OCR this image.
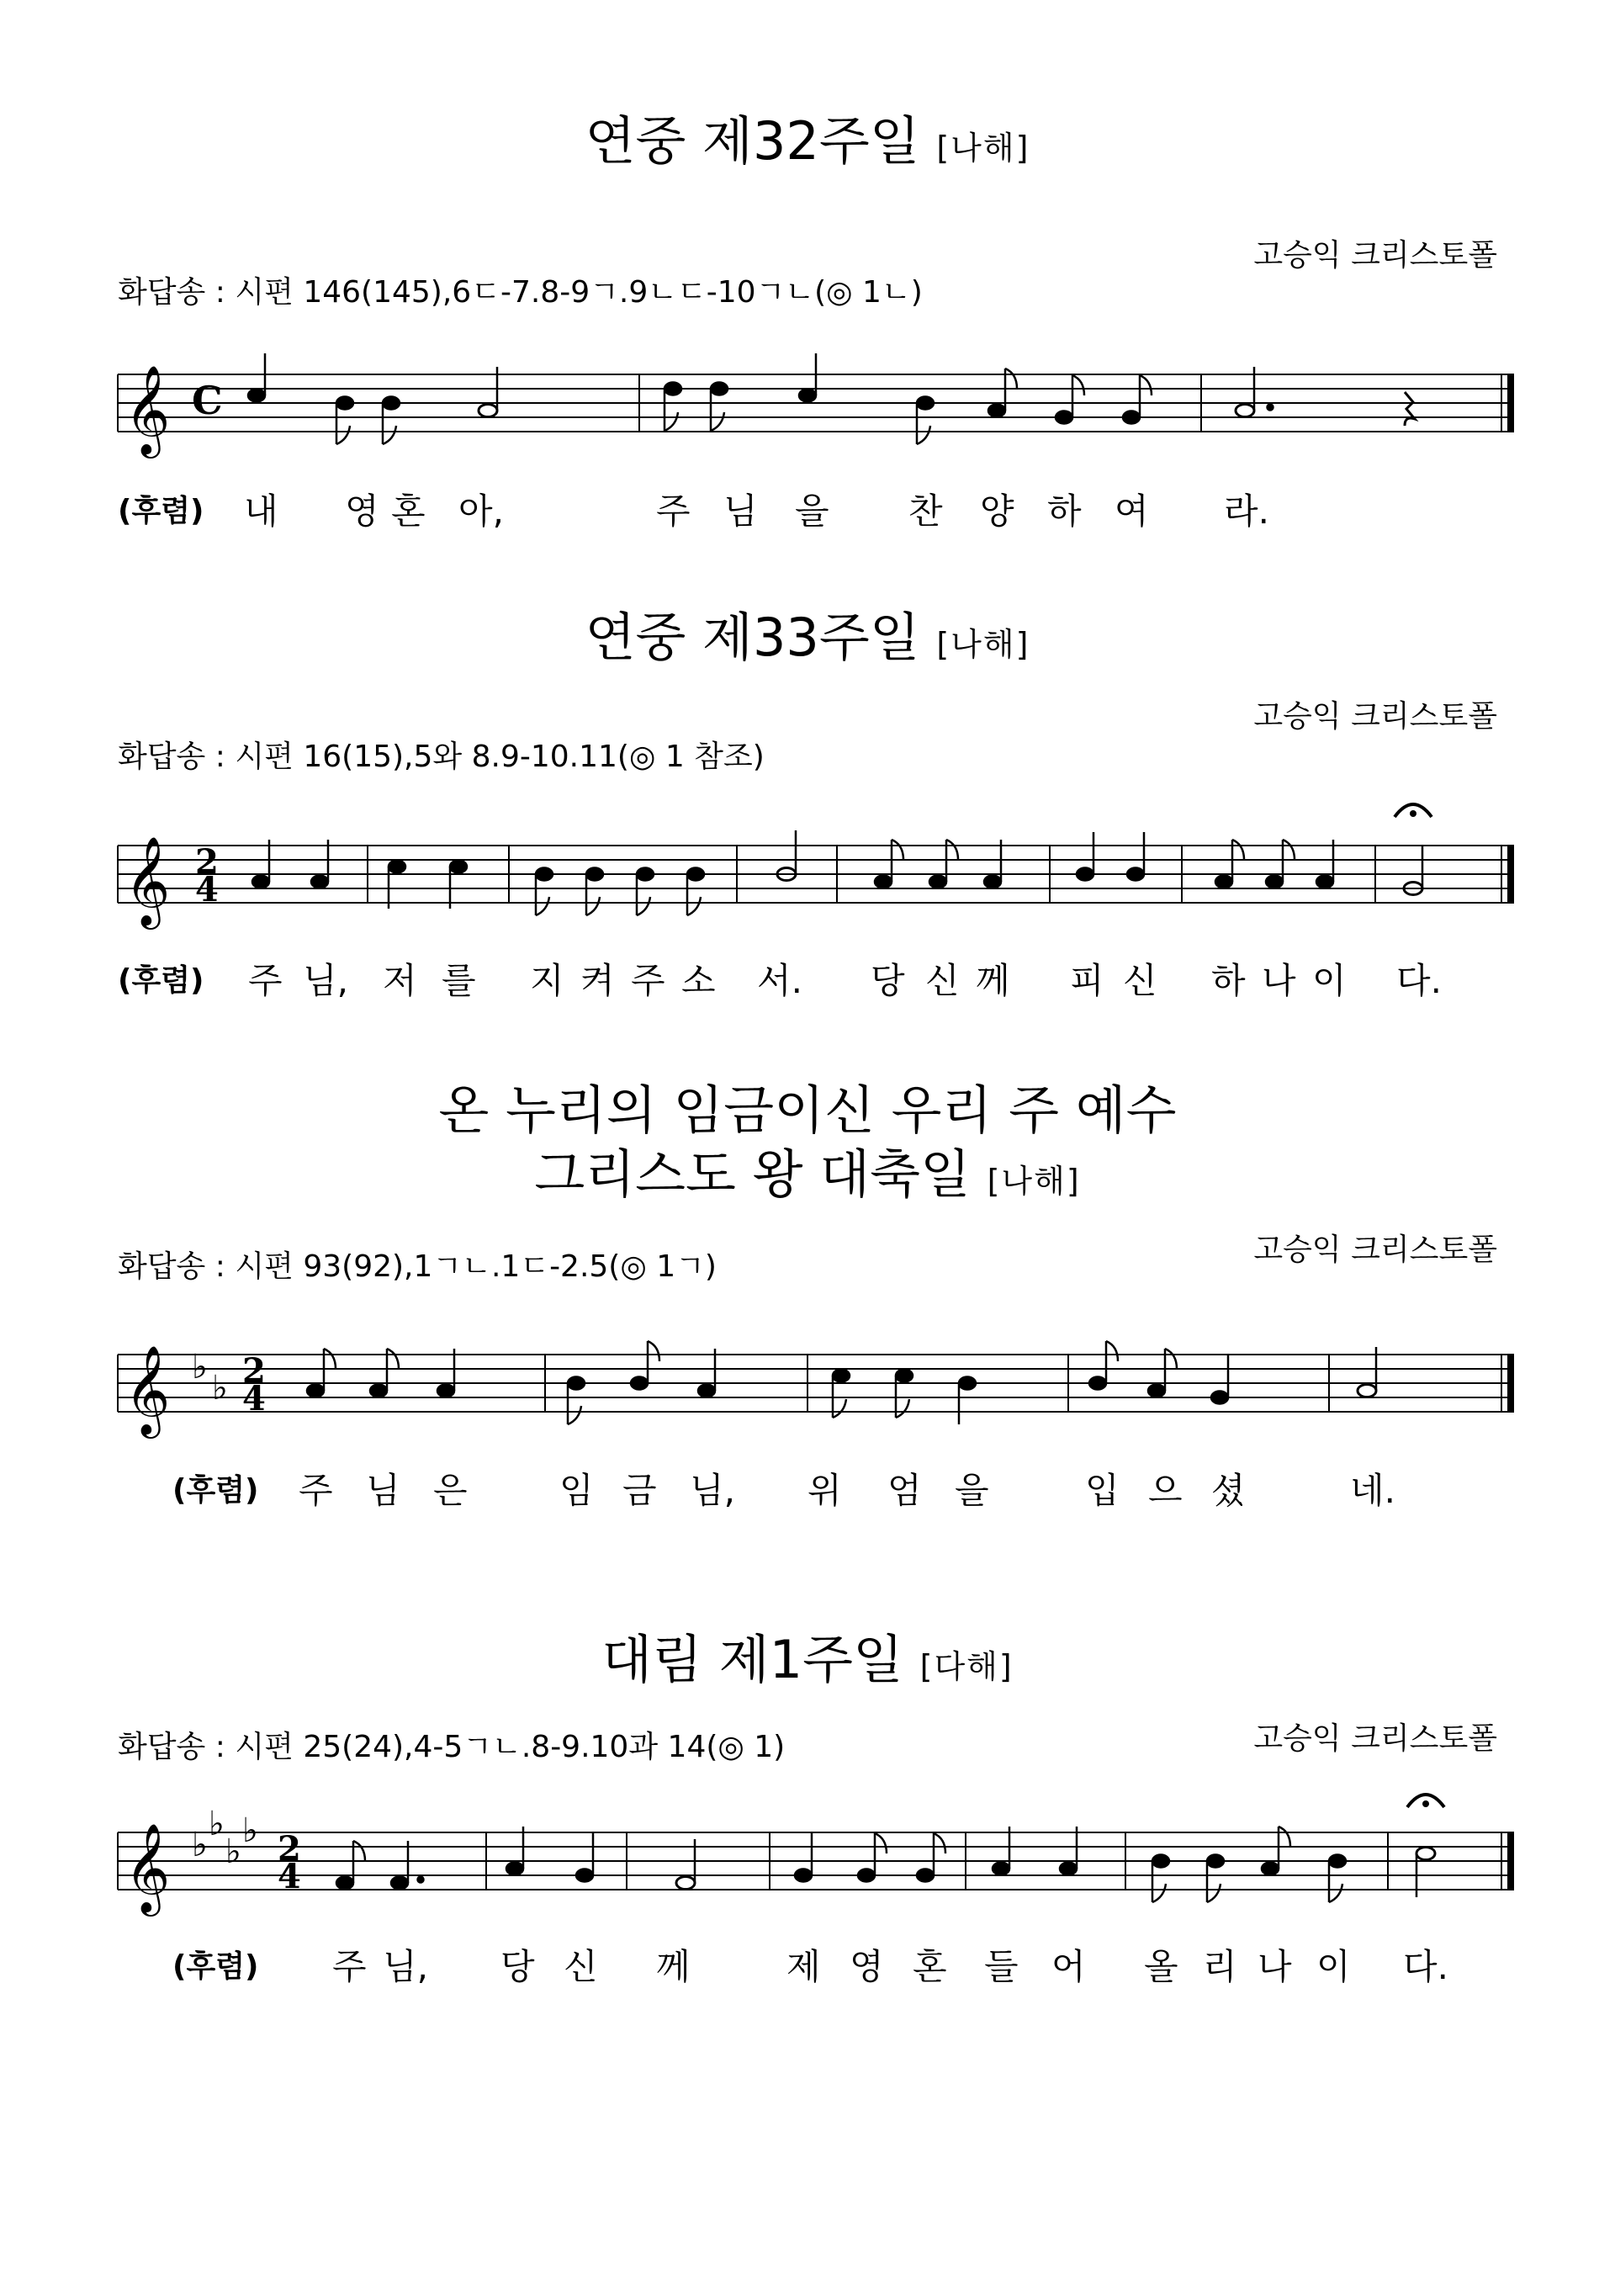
연중 제32주일 [나해]
고승익 크리스토폴
화답송 : 시편 146(145),6ㄷ-7.8-9ㄱ.9ㄴㄷ-10ㄱㄴ(◎ 1ㄴ)
𝄞 C
(후렴) 내 영 혼 아,	주 님 을 찬 양 하 여 라.
연중 제33주일 [나해]
고승익 크리스토폴
화답송 : 시편 16(15),5와 8.9-10.11(◎ 1 참조)
𝄞 2
4
(후렴) 주 님, 저 를 지 켜 주 소 서. 당 신 께 피 신 하 나 이 다.
온 누리의 임금이신 우리 주 예수
그리스도 왕 대축일 [나해]
고승익 크리스토폴
화답송 : 시편 93(92),1ㄱㄴ.1ㄷ-2.5(◎ 1ㄱ)
𝄞 ♭
♭ 2
4
(후렴) 주 님 은	임 금 님, 위 엄 을	입 으 셨	네.
대림 제1주일 [다해]
고승익 크리스토폴
화답송 : 시편 25(24),4-5ㄱㄴ.8-9.10과 14(◎ 1)
𝄞 ♭
♭
♭
♭ 2
4
(후렴) 주 님, 당 신 께	제 영 혼 들 어 올 리 나 이 다.
